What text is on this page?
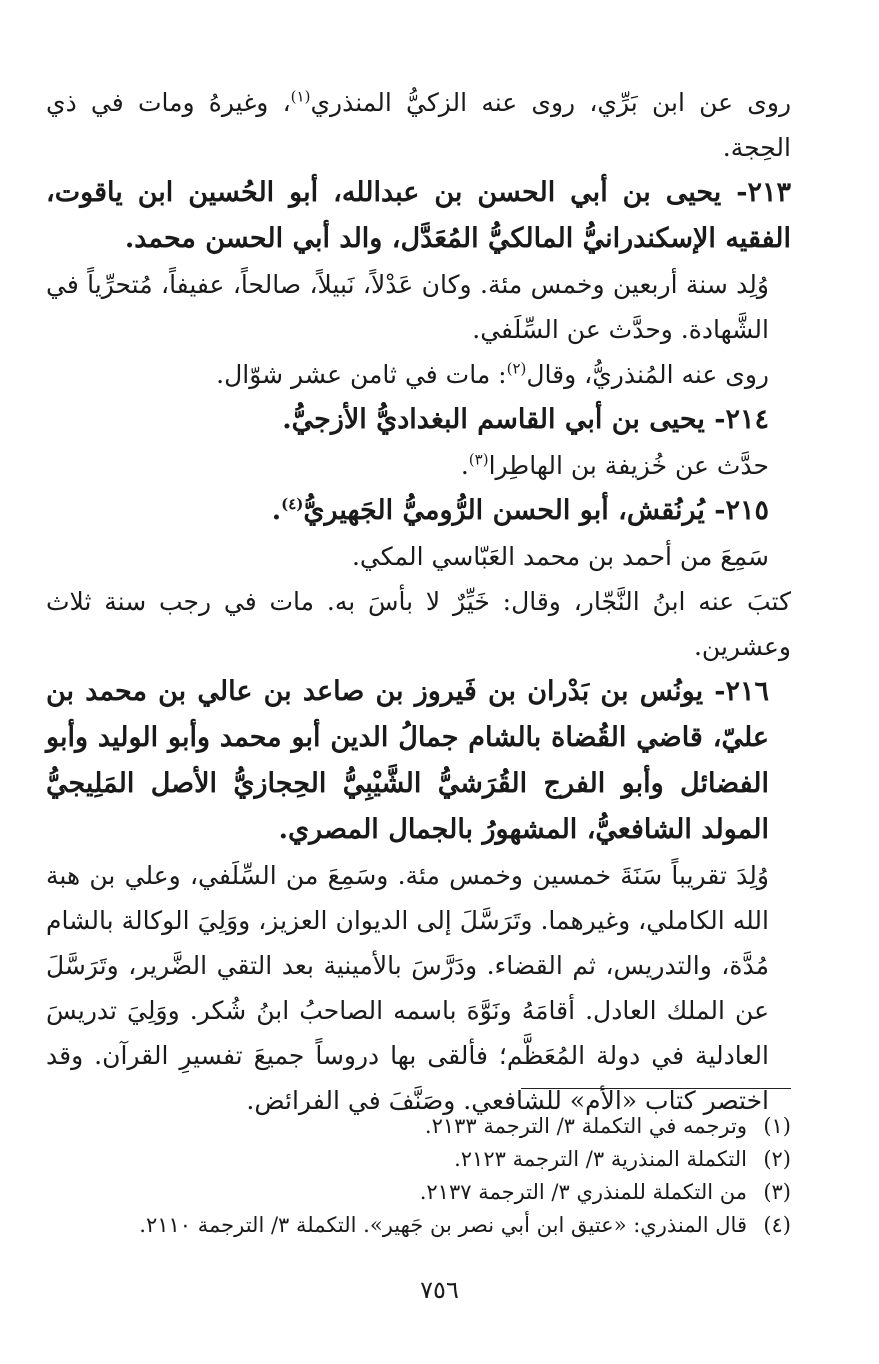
روى عن ابن بَرِّي، روى عنه الزكيُّ المنذري$^{(١)}$، وغيرهُ ومات في ذي الحِجة.

٢١٣- يحيى بن أبي الحسن بن عبدالله، أبو الحُسين ابن ياقوت، الفقيه الإسكندرانيُّ المالكيُّ المُعَدَّل، والد أبي الحسن محمد.

وُلِد سنة أربعين وخمس مئة. وكان عَدْلاً، نَبيلاً، صالحاً، عفيفاً، مُتحرِّياً في الشَّهادة. وحدَّث عن السِّلَفي.

روى عنه المُنذريُّ، وقال$^{(٢)}$: مات في ثامن عشر شوّال.

٢١٤- يحيى بن أبي القاسم البغداديُّ الأزجيُّ.

حدَّث عن خُزيفة بن الهاطِرا$^{(٣)}$.

٢١٥- يُرنُقش، أبو الحسن الرُّوميُّ الجَهيريُّ$^{(٤)}$.

سَمِعَ من أحمد بن محمد العَبّاسي المكي.

كتبَ عنه ابنُ النَّجّار، وقال: خَيِّرٌ لا بأسَ به. مات في رجب سنة ثلاث وعشرين.

٢١٦- يونُس بن بَدْران بن فَيروز بن صاعد بن عالي بن محمد بن عليّ، قاضي القُضاة بالشام جمالُ الدين أبو محمد وأبو الوليد وأبو الفضائل وأبو الفرج القُرَشيُّ الشَّيْبِيُّ الحِجازيُّ الأصل المَلِيجيُّ المولد الشافعيُّ، المشهورُ بالجمال المصري.

وُلِدَ تقريباً سَنَةَ خمسين وخمس مئة. وسَمِعَ من السِّلَفي، وعلي بن هبة الله الكاملي، وغيرهما. وتَرَسَّلَ إلى الديوان العزيز، ووَلِيَ الوكالة بالشام مُدَّة، والتدريس، ثم القضاء. ودَرَّسَ بالأمينية بعد التقي الضَّرير، وتَرَسَّلَ عن الملك العادل. أقامَهُ ونَوَّهَ باسمه الصاحبُ ابنُ شُكر. ووَلِيَ تدريسَ العادلية في دولة المُعَظَّم؛ فألقى بها دروساً جميعَ تفسيرِ القرآن. وقد اختصر كتاب «الأم» للشافعي. وصَنَّفَ في الفرائض.

(١)وترجمه في التكملة ٣/ الترجمة ٢١٣٣.

(٢)التكملة المنذرية ٣/ الترجمة ٢١٢٣.

(٣)من التكملة للمنذري ٣/ الترجمة ٢١٣٧.

(٤)قال المنذري: «عتيق ابن أبي نصر بن جَهير». التكملة ٣/ الترجمة ٢١١٠.

٧٥٦
